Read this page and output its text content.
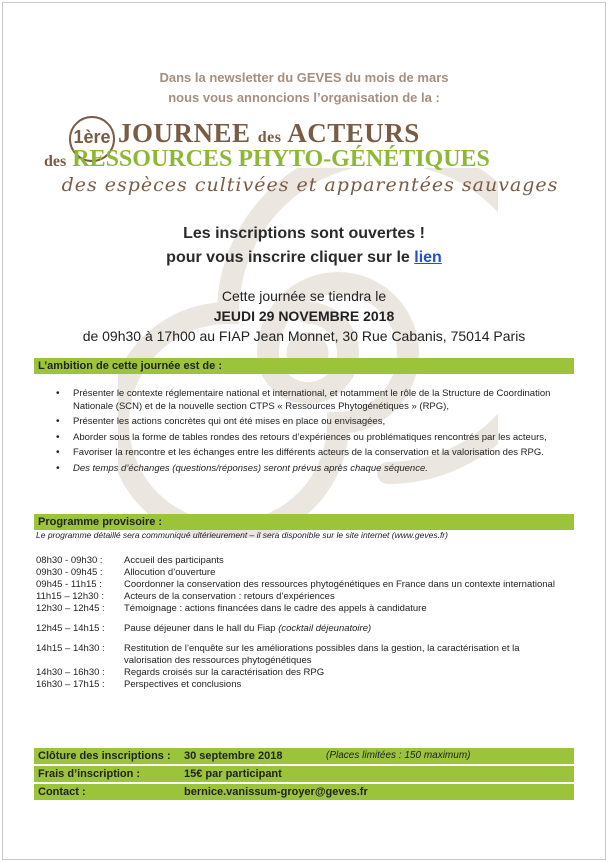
Dans la newsletter du GEVES du mois de mars
nous vous annoncions l’organisation de la :
1ère JOURNEE des ACTEURS
des RESSOURCES PHYTO-GÉNÉTIQUES
des espèces cultivées et apparentées sauvages
Les inscriptions sont ouvertes !
pour vous inscrire cliquer sur le lien
Cette journée se tiendra le
JEUDI 29 NOVEMBRE 2018
de 09h30 à 17h00 au FIAP Jean Monnet, 30 Rue Cabanis, 75014 Paris
L’ambition de cette journée est de :
• Présenter le contexte réglementaire national et international, et notamment le rôle de la Structure de Coordination Nationale (SCN) et de la nouvelle section CTPS « Ressources Phytogénétiques » (RPG),
• Présenter les actions concrètes qui ont été mises en place ou envisagées,
• Aborder sous la forme de tables rondes des retours d’expériences ou problématiques rencontrés par les acteurs,
• Favoriser la rencontre et les échanges entre les différents acteurs de la conservation et la valorisation des RPG.
• Des temps d’échanges (questions/réponses) seront prévus après chaque séquence.
Programme provisoire :
Le programme détaillé sera communiqué ultérieurement – il sera disponible sur le site internet (www.geves.fr)
08h30 - 09h30 :	Accueil des participants
09h30 - 09h45 :	Allocution d’ouverture
09h45 - 11h15 :	Coordonner la conservation des ressources phytogénétiques en France dans un contexte international
11h15 – 12h30 :	Acteurs de la conservation : retours d’expériences
12h30 – 12h45 :	Témoignage : actions financées dans le cadre des appels à candidature
12h45 – 14h15 :	Pause déjeuner dans le hall du Fiap (cocktail déjeunatoire)
14h15 – 14h30 :	Restitution de l’enquête sur les améliorations possibles dans la gestion, la caractérisation et la valorisation des ressources phytogénétiques
14h30 – 16h30 :	Regards croisés sur la caractérisation des RPG
16h30 – 17h15 :	Perspectives et conclusions
Clôture des inscriptions : 30 septembre 2018	(Places limitées : 150 maximum)
Frais d’inscription :	15€ par participant
Contact :	bernice.vanissum-groyer@geves.fr
